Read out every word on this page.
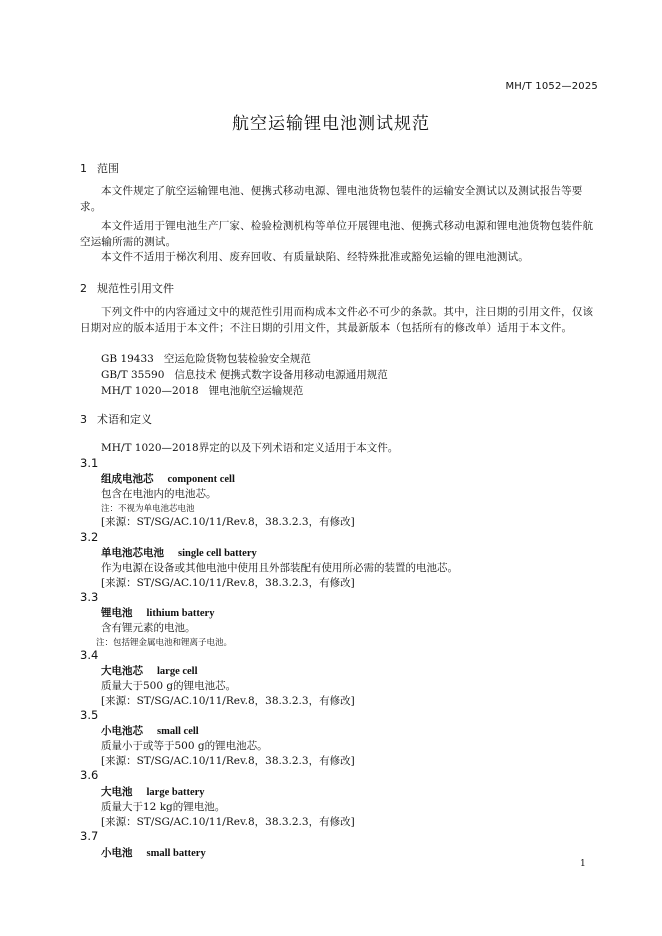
MH/T 1052—2025
航空运输锂电池测试规范
1 范围
本文件规定了航空运输锂电池、便携式移动电源、锂电池货物包装件的运输安全测试以及测试报告等要求。
本文件适用于锂电池生产厂家、检验检测机构等单位开展锂电池、便携式移动电源和锂电池货物包装件航空运输所需的测试。
本文件不适用于梯次利用、废弃回收、有质量缺陷、经特殊批准或豁免运输的锂电池测试。
2 规范性引用文件
下列文件中的内容通过文中的规范性引用而构成本文件必不可少的条款。其中，注日期的引用文件，仅该日期对应的版本适用于本文件；不注日期的引用文件，其最新版本（包括所有的修改单）适用于本文件。
GB 19433 空运危险货物包装检验安全规范
GB/T 35590 信息技术 便携式数字设备用移动电源通用规范
MH/T 1020—2018 锂电池航空运输规范
3 术语和定义
MH/T 1020—2018界定的以及下列术语和定义适用于本文件。
3.1
组成电池芯 component cell
包含在电池内的电池芯。
注：不视为单电池芯电池
[来源：ST/SG/AC.10/11/Rev.8，38.3.2.3，有修改]
3.2
单电池芯电池 single cell battery
作为电源在设备或其他电池中使用且外部装配有使用所必需的装置的电池芯。
[来源：ST/SG/AC.10/11/Rev.8，38.3.2.3，有修改]
3.3
锂电池 lithium battery
含有锂元素的电池。
注：包括锂金属电池和锂离子电池。
3.4
大电池芯 large cell
质量大于500 g的锂电池芯。
[来源：ST/SG/AC.10/11/Rev.8，38.3.2.3，有修改]
3.5
小电池芯 small cell
质量小于或等于500 g的锂电池芯。
[来源：ST/SG/AC.10/11/Rev.8，38.3.2.3，有修改]
3.6
大电池 large battery
质量大于12 kg的锂电池。
[来源：ST/SG/AC.10/11/Rev.8，38.3.2.3，有修改]
3.7
小电池 small battery
1
